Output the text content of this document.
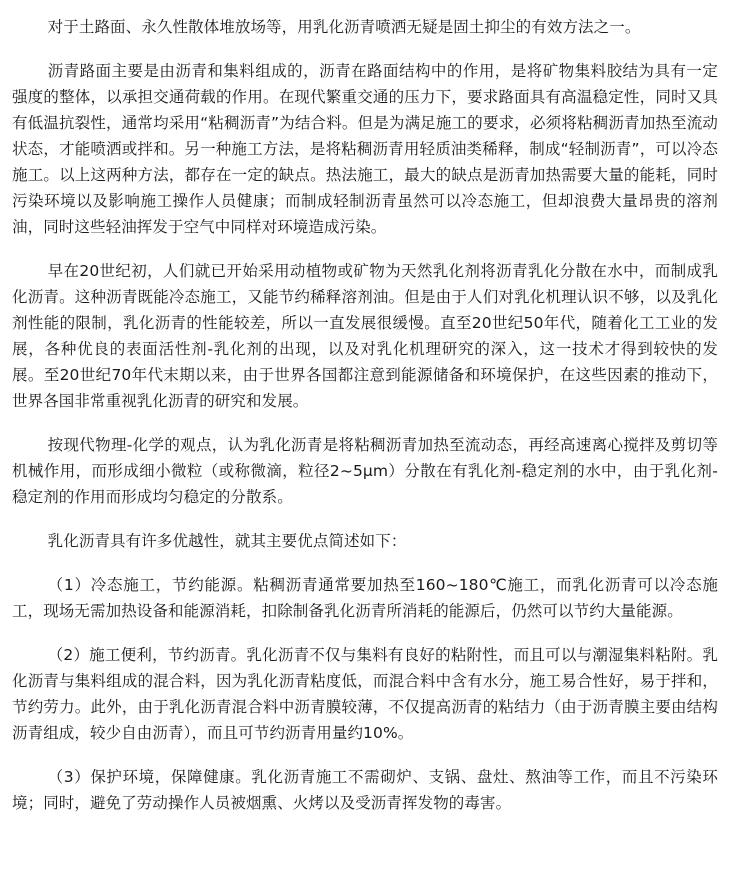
对于土路面、永久性散体堆放场等，用乳化沥青喷洒无疑是固土抑尘的有效方法之一。

沥青路面主要是由沥青和集料组成的，沥青在路面结构中的作用，是将矿物集料胶结为具有一定强度的整体，以承担交通荷载的作用。在现代繁重交通的压力下，要求路面具有高温稳定性，同时又具有低温抗裂性，通常均采用“粘稠沥青”为结合料。但是为满足施工的要求，必须将粘稠沥青加热至流动状态，才能喷洒或拌和。另一种施工方法，是将粘稠沥青用轻质油类稀释，制成“轻制沥青”，可以冷态施工。以上这两种方法，都存在一定的缺点。热法施工，最大的缺点是沥青加热需要大量的能耗，同时污染环境以及影响施工操作人员健康；而制成轻制沥青虽然可以冷态施工，但却浪费大量昂贵的溶剂油，同时这些轻油挥发于空气中同样对环境造成污染。

早在20世纪初，人们就已开始采用动植物或矿物为天然乳化剂将沥青乳化分散在水中，而制成乳化沥青。这种沥青既能冷态施工，又能节约稀释溶剂油。但是由于人们对乳化机理认识不够，以及乳化剂性能的限制，乳化沥青的性能较差，所以一直发展很缓慢。直至20世纪50年代，随着化工工业的发展，各种优良的表面活性剂-乳化剂的出现，以及对乳化机理研究的深入，这一技术才得到较快的发展。至20世纪70年代末期以来，由于世界各国都注意到能源储备和环境保护，在这些因素的推动下，世界各国非常重视乳化沥青的研究和发展。

按现代物理-化学的观点，认为乳化沥青是将粘稠沥青加热至流动态，再经高速离心搅拌及剪切等机械作用，而形成细小微粒（或称微滴，粒径2~5μm）分散在有乳化剂-稳定剂的水中，由于乳化剂-稳定剂的作用而形成均匀稳定的分散系。

乳化沥青具有许多优越性，就其主要优点简述如下：

（1）冷态施工，节约能源。粘稠沥青通常要加热至160~180℃施工，而乳化沥青可以冷态施工，现场无需加热设备和能源消耗，扣除制备乳化沥青所消耗的能源后，仍然可以节约大量能源。

（2）施工便利，节约沥青。乳化沥青不仅与集料有良好的粘附性，而且可以与潮湿集料粘附。乳化沥青与集料组成的混合料，因为乳化沥青粘度低，而混合料中含有水分，施工易合性好，易于拌和，节约劳力。此外，由于乳化沥青混合料中沥青膜较薄，不仅提高沥青的粘结力（由于沥青膜主要由结构沥青组成，较少自由沥青），而且可节约沥青用量约10%。

（3）保护环境，保障健康。乳化沥青施工不需砌炉、支锅、盘灶、熬油等工作，而且不污染环境；同时，避免了劳动操作人员被烟熏、火烤以及受沥青挥发物的毒害。
